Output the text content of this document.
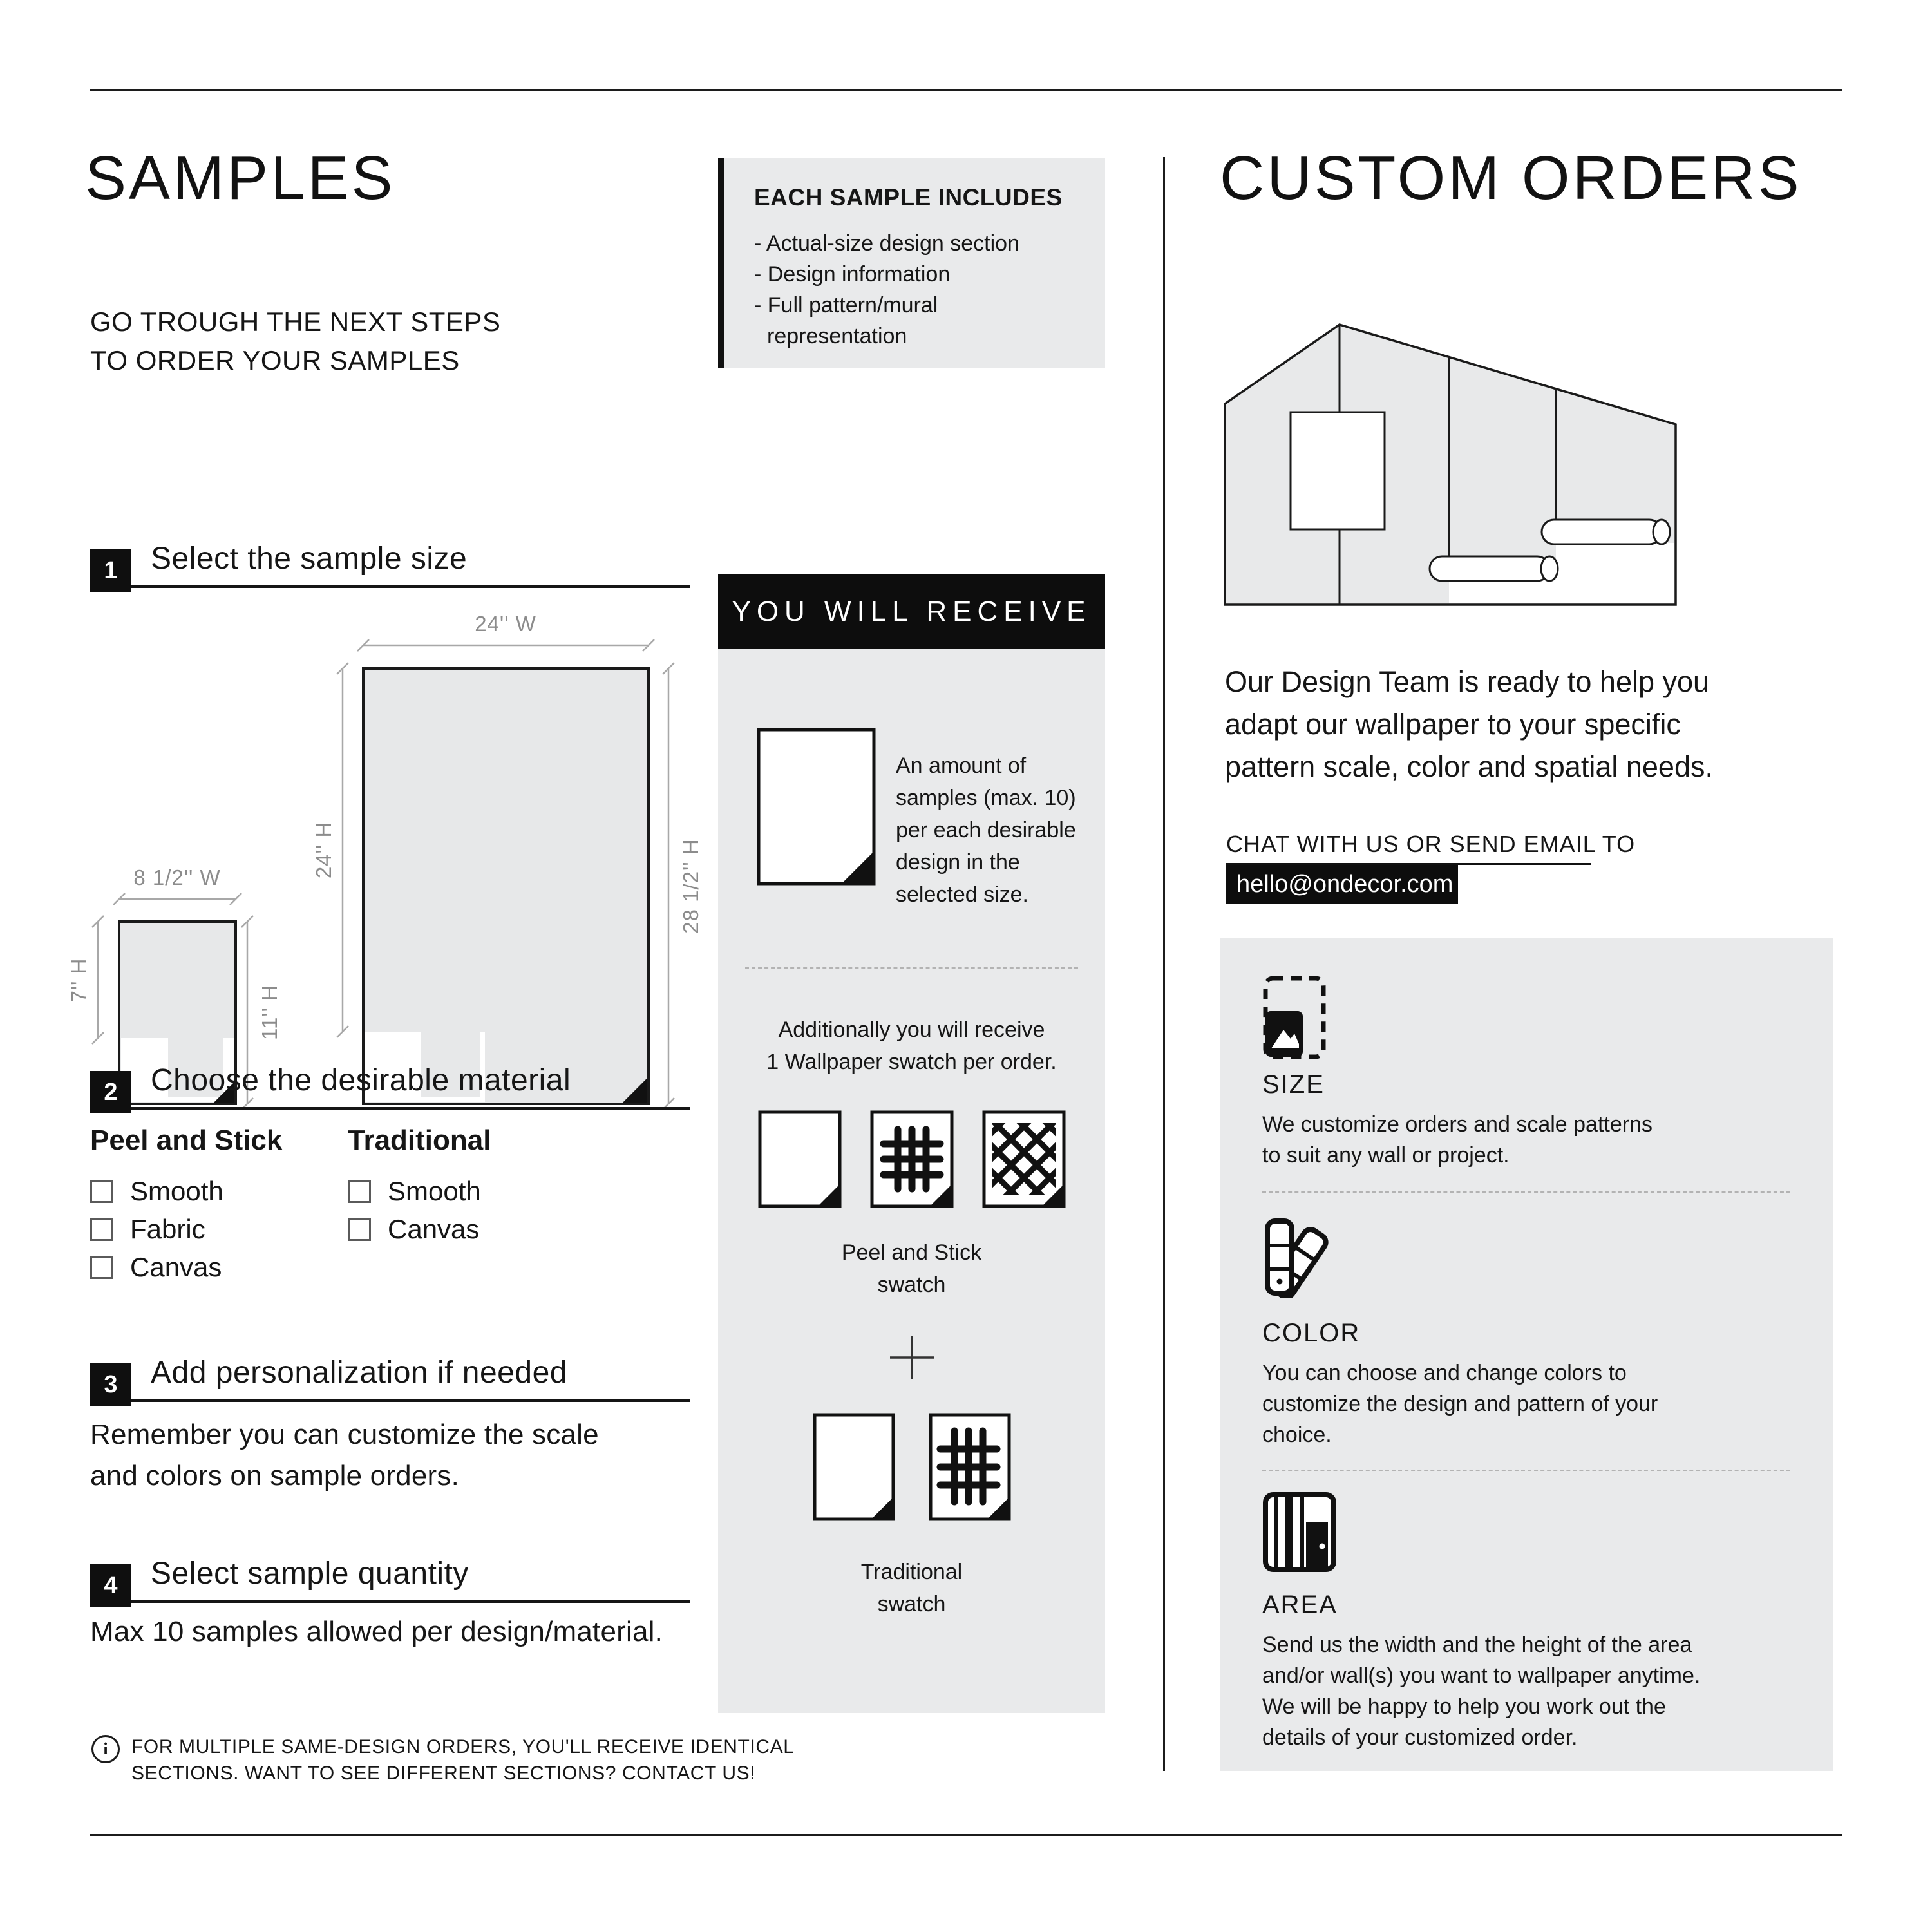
SAMPLES
GO TROUGH THE NEXT STEPS
TO ORDER YOUR SAMPLES
EACH SAMPLE INCLUDES
- Actual-size design section
- Design information
- Full pattern/mural representation
1	Select the sample size
24'' W
24'' H	28 1/2'' H
8 1/2'' W
7'' H
11'' H
2	Choose the desirable material
Peel and Stick
Smooth
Fabric
Canvas
Traditional
Smooth
Canvas
3	Add personalization if needed
Remember you can customize the scale
and colors on sample orders.
4	Select sample quantity
Max 10 samples allowed per design/material.
i	FOR MULTIPLE SAME-DESIGN ORDERS, YOU'LL RECEIVE IDENTICAL
SECTIONS. WANT TO SEE DIFFERENT SECTIONS? CONTACT US!
YOU WILL RECEIVE
An amount of samples (max. 10) per each desirable design in the selected size.
Additionally you will receive
1 Wallpaper swatch per order.
Peel and Stick
swatch
Traditional
swatch
CUSTOM ORDERS
Our Design Team is ready to help you
adapt our wallpaper to your specific
pattern scale, color and spatial needs.
CHAT WITH US OR SEND EMAIL TO
hello@ondecor.com
SIZE
We customize orders and scale patterns
to suit any wall or project.
COLOR
You can choose and change colors to
customize the design and pattern of your
choice.
AREA
Send us the width and the height of the area
and/or wall(s) you want to wallpaper anytime.
We will be happy to help you work out the
details of your customized order.
